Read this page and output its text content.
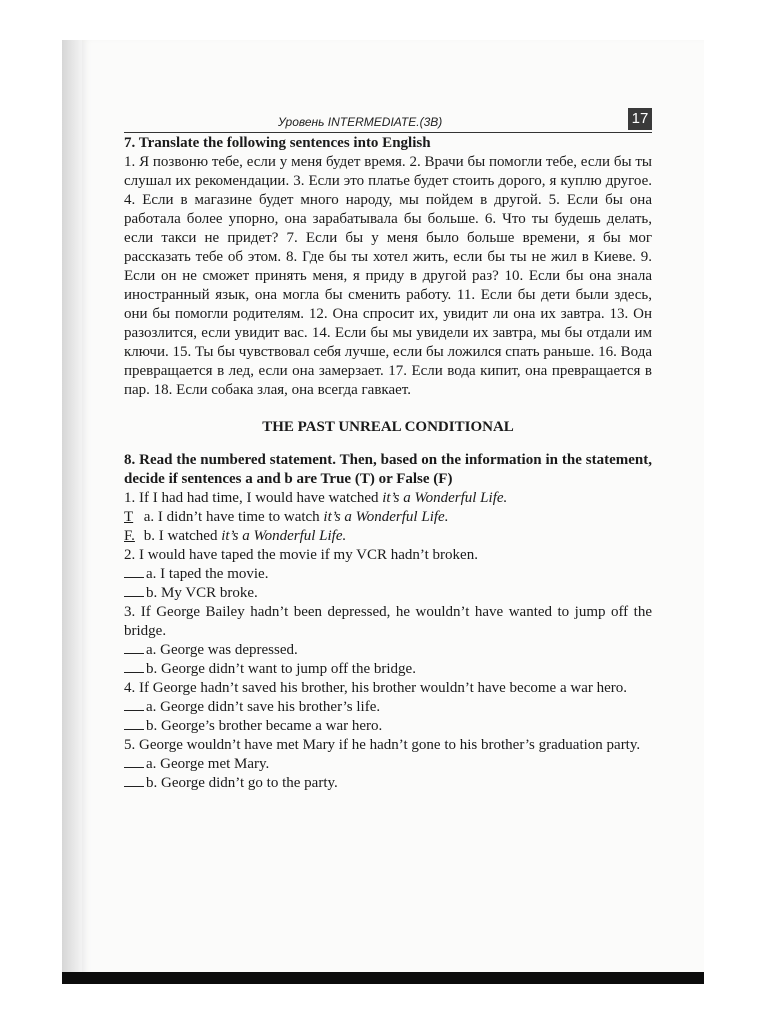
Уровень INTERMEDIATE.(3B)	17

7. Translate the following sentences into English

1. Я позвоню тебе, если у меня будет время. 2. Врачи бы помогли тебе, если бы ты слушал их рекомендации. 3. Если это платье будет стоить дорого, я куплю другое. 4. Если в магазине будет много народу, мы пойдем в другой. 5. Если бы она работала более упорно, она зарабатывала бы больше. 6. Что ты будешь делать, если такси не придет? 7. Если бы у меня было больше времени, я бы мог рассказать тебе об этом. 8. Где бы ты хотел жить, если бы ты не жил в Киеве. 9. Если он не сможет принять меня, я приду в другой раз? 10. Если бы она знала иностранный язык, она могла бы сменить работу. 11. Если бы дети были здесь, они бы помогли родителям. 12. Она спросит их, увидит ли она их завтра. 13. Он разозлится, если увидит вас. 14. Если бы мы увидели их завтра, мы бы отдали им ключи. 15. Ты бы чувствовал себя лучше, если бы ложился спать раньше. 16. Вода превращается в лед, если она замерзает. 17. Если вода кипит, она превращается в пар. 18. Если собака злая, она всегда гавкает.

THE PAST UNREAL CONDITIONAL

8. Read the numbered statement. Then, based on the information in the statement, decide if sentences a and b are True (T) or False (F)

1. If I had had time, I would have watched it’s a Wonderful Life.

T a. I didn’t have time to watch it’s a Wonderful Life.

F. b. I watched it’s a Wonderful Life.

2. I would have taped the movie if my VCR hadn’t broken.

a. I taped the movie.

b. My VCR broke.

3. If George Bailey hadn’t been depressed, he wouldn’t have wanted to jump off the bridge.

a. George was depressed.

b. George didn’t want to jump off the bridge.

4. If George hadn’t saved his brother, his brother wouldn’t have become a war hero.

a. George didn’t save his brother’s life.

b. George’s brother became a war hero.

5. George wouldn’t have met Mary if he hadn’t gone to his brother’s graduation party.

a. George met Mary.

b. George didn’t go to the party.
